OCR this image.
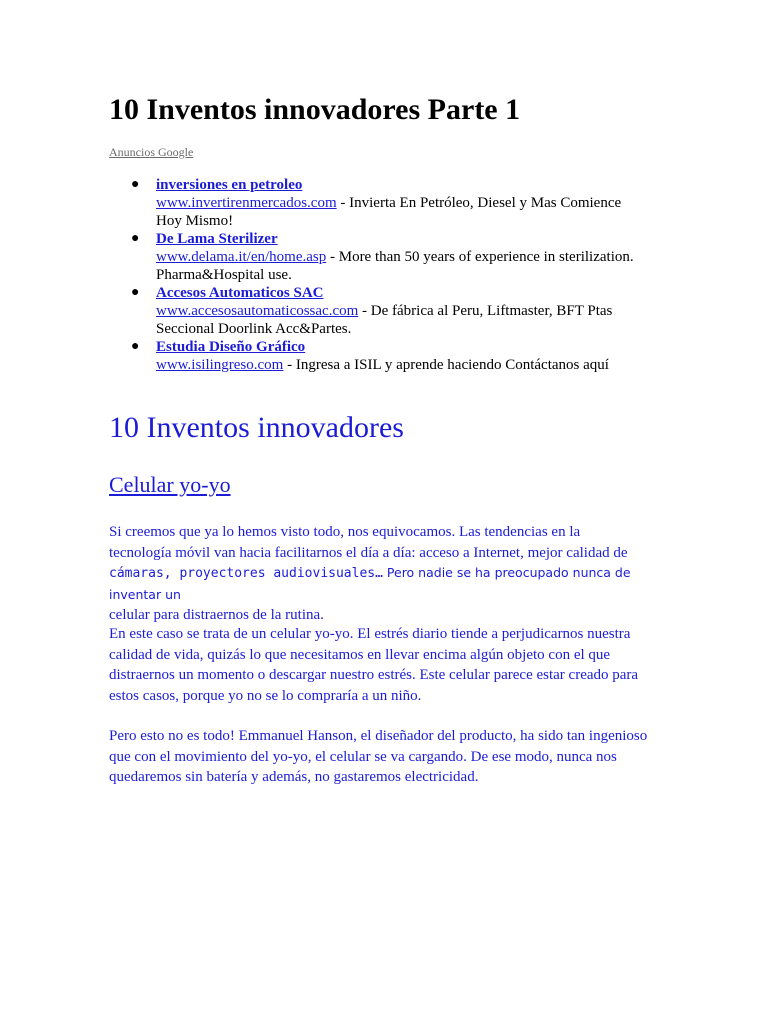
10 Inventos innovadores Parte 1
Anuncios Google
● inversiones en petroleo
www.invertirenmercados.com - Invierta En Petróleo, Diesel y Mas Comience
Hoy Mismo!
● De Lama Sterilizer
www.delama.it/en/home.asp - More than 50 years of experience in sterilization.
Pharma&Hospital use.
● Accesos Automaticos SAC
www.accesosautomaticossac.com - De fábrica al Peru, Liftmaster, BFT Ptas
Seccional Doorlink Acc&Partes.
● Estudia Diseño Gráfico
www.isilingreso.com - Ingresa a ISIL y aprende haciendo Contáctanos aquí
10 Inventos innovadores
Celular yo-yo

Si creemos que ya lo hemos visto todo, nos equivocamos. Las tendencias en la
tecnología móvil van hacia facilitarnos el día a día: acceso a Internet, mejor calidad de
cámaras, proyectores audiovisuales… Pero nadie se ha preocupado nunca de inventar un
celular para distraernos de la rutina.

En este caso se trata de un celular yo-yo. El estrés diario tiende a perjudicarnos nuestra calidad de vida, quizás lo que necesitamos en llevar encima algún objeto con el que distraernos un momento o descargar nuestro estrés. Este celular parece estar creado para estos casos, porque yo no se lo compraría a un niño.

Pero esto no es todo! Emmanuel Hanson, el diseñador del producto, ha sido tan ingenioso que con el movimiento del yo-yo, el celular se va cargando. De ese modo, nunca nos quedaremos sin batería y además, no gastaremos electricidad.
